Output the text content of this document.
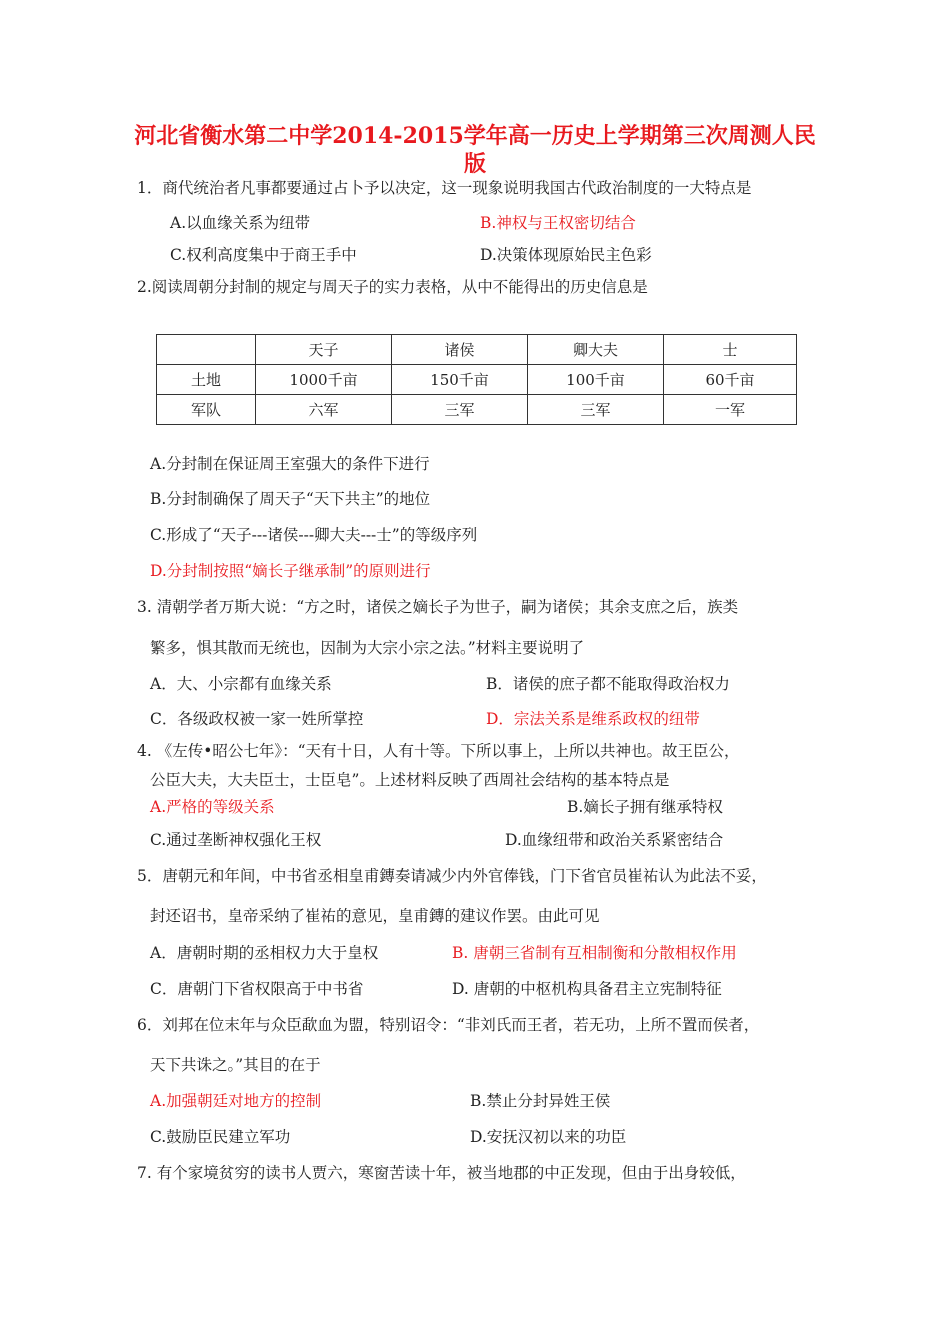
河北省衡水第二中学2014-2015学年高一历史上学期第三次周测人民
版
1．商代统治者凡事都要通过占卜予以决定，这一现象说明我国古代政治制度的一大特点是
A.以血缘关系为纽带	B.神权与王权密切结合
C.权利高度集中于商王手中	D.决策体现原始民主色彩
2.阅读周朝分封制的规定与周天子的实力表格，从中不能得出的历史信息是
	天子	诸侯	卿大夫	士
土地	1000千亩	150千亩	100千亩	60千亩
军队	六军	三军	三军	一军
A.分封制在保证周王室强大的条件下进行
B.分封制确保了周天子“天下共主”的地位
C.形成了“天子---诸侯---卿大夫---士”的等级序列
D.分封制按照“嫡长子继承制”的原则进行
3. 清朝学者万斯大说：“方之时，诸侯之嫡长子为世子，嗣为诸侯；其余支庶之后，族类
繁多，惧其散而无统也，因制为大宗小宗之法。”材料主要说明了
A．大、小宗都有血缘关系	B．诸侯的庶子都不能取得政治权力
C．各级政权被一家一姓所掌控	D．宗法关系是维系政权的纽带
4. 《左传•昭公七年》：“天有十日，人有十等。下所以事上，上所以共神也。故王臣公，
公臣大夫，大夫臣士，士臣皂”。上述材料反映了西周社会结构的基本特点是
A.严格的等级关系	B.嫡长子拥有继承特权
C.通过垄断神权强化王权	D.血缘纽带和政治关系紧密结合
5．唐朝元和年间，中书省丞相皇甫鏄奏请减少内外官俸钱，门下省官员崔祐认为此法不妥，
封还诏书，皇帝采纳了崔祐的意见，皇甫鏄的建议作罢。由此可见
A．唐朝时期的丞相权力大于皇权	B. 唐朝三省制有互相制衡和分散相权作用
C．唐朝门下省权限高于中书省	D. 唐朝的中枢机构具备君主立宪制特征
6．刘邦在位末年与众臣歃血为盟，特别诏令：“非刘氏而王者，若无功，上所不置而侯者，
天下共诛之。”其目的在于
A.加强朝廷对地方的控制	B.禁止分封异姓王侯
C.鼓励臣民建立军功	D.安抚汉初以来的功臣
7. 有个家境贫穷的读书人贾六，寒窗苦读十年，被当地郡的中正发现，但由于出身较低，
